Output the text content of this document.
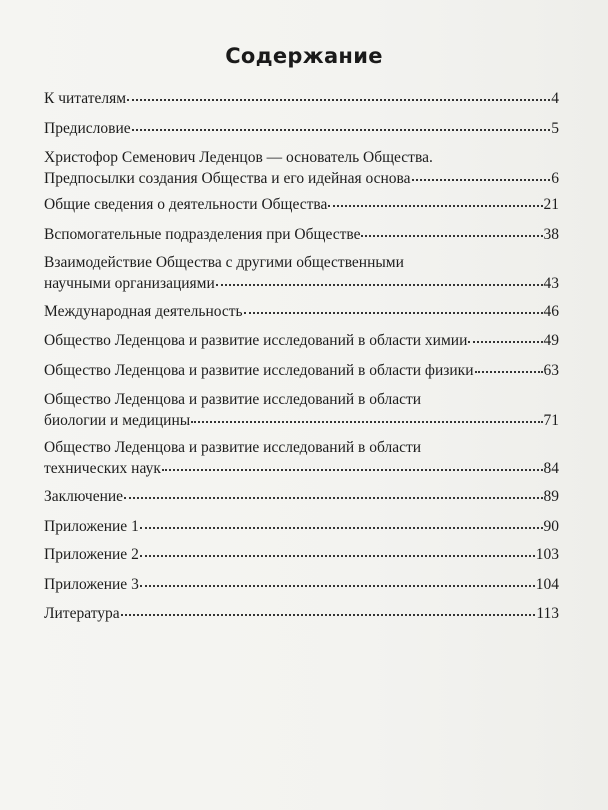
Содержание
К читателям	4
Предисловие	5
Христофор Семенович Леденцов — основатель Общества.
Предпосылки создания Общества и его идейная основа	6
Общие сведения о деятельности Общества	21
Вспомогательные подразделения при Обществе	38
Взаимодействие Общества с другими общественными
научными организациями	43
Международная деятельность	46
Общество Леденцова и развитие исследований в области химии	49
Общество Леденцова и развитие исследований в области физики	63
Общество Леденцова и развитие исследований в области
биологии и медицины	71
Общество Леденцова и развитие исследований в области
технических наук	84
Заключение	89
Приложение 1	90
Приложение 2	103
Приложение 3	104
Литература	113
